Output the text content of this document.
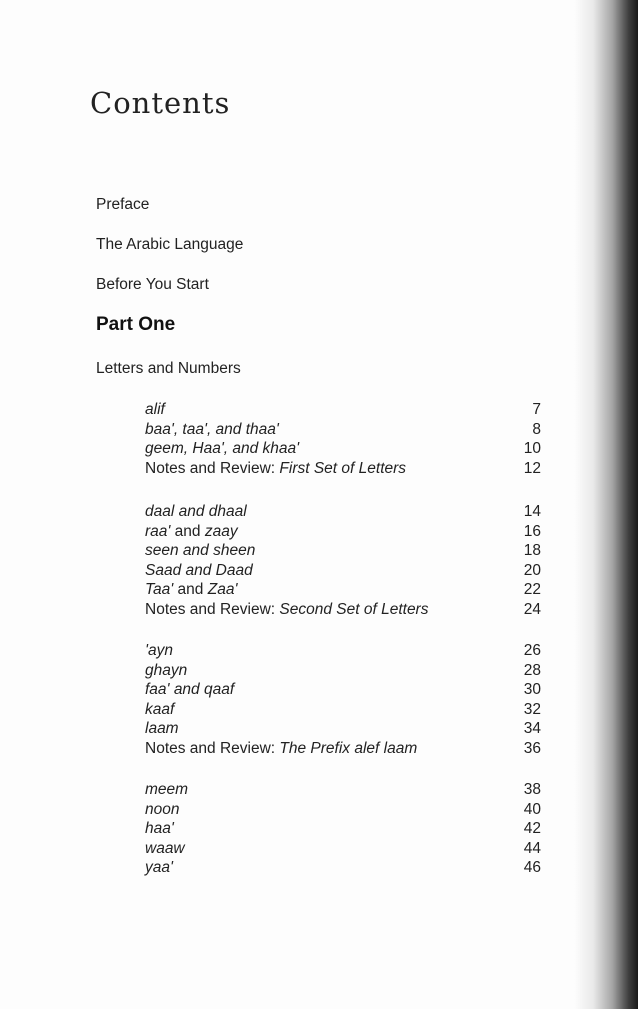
Contents
Preface
The Arabic Language
Before You Start
Part One
Letters and Numbers
alif	7
baa', taa', and thaa'	8
geem, Haa', and khaa'	10
Notes and Review: First Set of Letters	12
daal and dhaal	14
raa' and zaay	16
seen and sheen	18
Saad and Daad	20
Taa' and Zaa'	22
Notes and Review: Second Set of Letters	24
'ayn	26
ghayn	28
faa' and qaaf	30
kaaf	32
laam	34
Notes and Review: The Prefix alef laam	36
meem	38
noon	40
haa'	42
waaw	44
yaa'	46
